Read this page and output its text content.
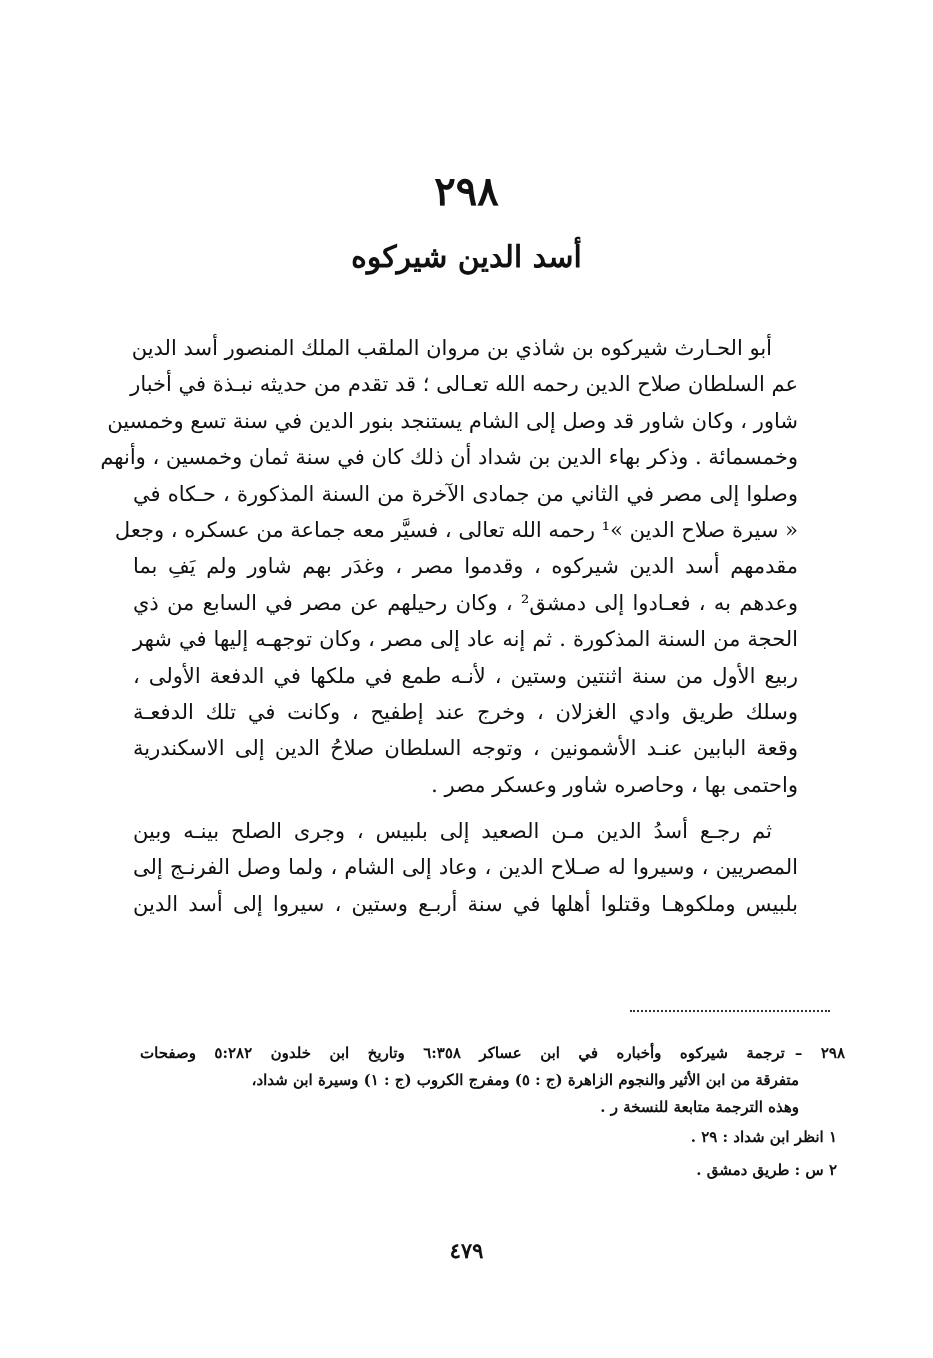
٢٩٨
أسد الدين شيركوه
أبو الحـارث شيركوه بن شاذي بن مروان الملقب الملك المنصور أسد الدين
عم السلطان صلاح الدين رحمه الله تعـالى ؛ قد تقدم من حديثه نبـذة في أخبار
شاور ، وكان شاور قد وصل إلى الشام يستنجد بنور الدين في سنة تسع وخمسين
وخمسمائة . وذكر بهاء الدين بن شداد أن ذلك كان في سنة ثمان وخمسين ، وأنهم
وصلوا إلى مصر في الثاني من جمادى الآخرة من السنة المذكورة ، حـكاه في
« سيرة صلاح الدين »¹ رحمه الله تعالى ، فسيَّر معه جماعة من عسكره ، وجعل
مقدمهم أسد الدين شيركوه ، وقدموا مصر ، وغدَر بهم شاور ولم يَفِ بما
وعدهم به ، فعـادوا إلى دمشق² ، وكان رحيلهم عن مصر في السابع من ذي
الحجة من السنة المذكورة . ثم إنه عاد إلى مصر ، وكان توجهـه إليها في شهر
ربيع الأول من سنة اثنتين وستين ، لأنـه طمع في ملكها في الدفعة الأولى ،
وسلك طريق وادي الغزلان ، وخرج عند إطفيح ، وكانت في تلك الدفعـة
وقعة البابين عنـد الأشمونين ، وتوجه السلطان صلاحُ الدين إلى الاسكندرية
واحتمى بها ، وحاصره شاور وعسكر مصر .
ثم رجـع أسدُ الدين مـن الصعيد إلى بلبيس ، وجرى الصلح بينـه وبين
المصريين ، وسيروا له صـلاح الدين ، وعاد إلى الشام ، ولما وصل الفرنـج إلى
بلبيس وملكوهـا وقتلوا أهلها في سنة أربـع وستين ، سيروا إلى أسد الدين
٢٩٨ –ترجمة شيركوه وأخباره في ابن عساكر ٦:٣٥٨ وتاريخ ابن خلدون ٥:٢٨٢ وصفحات
متفرقة من ابن الأثير والنجوم الزاهرة (ج : ٥) ومفرج الكروب (ج : ١) وسيرة ابن شداد،
وهذه الترجمة متابعة للنسخة ر .
١ انظر ابن شداد : ٢٩ .
٢ س : طريق دمشق .
٤٧٩
